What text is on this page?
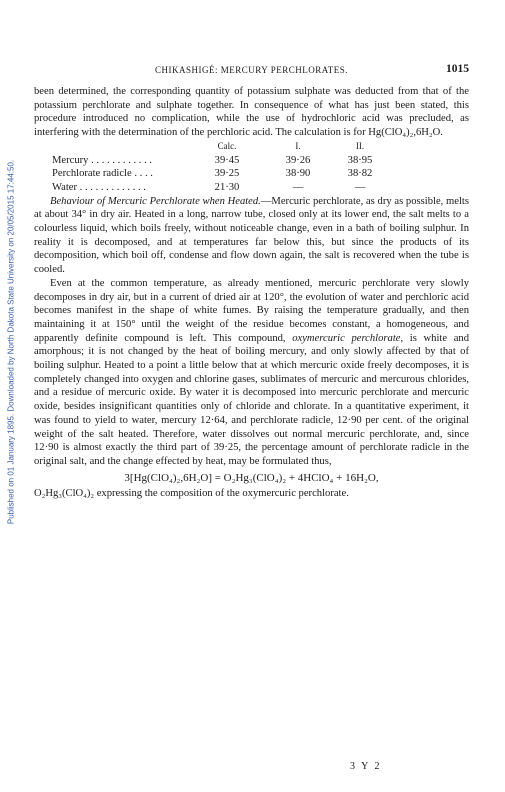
Published on 01 January 1895. Downloaded by North Dakota State University on 20/05/2015 17:44:50.
CHIKASHIGÉ: MERCURY PERCHLORATES.	1015

been determined, the corresponding quantity of potassium sulphate was deducted from that of the potassium perchlorate and sulphate together. In consequence of what has just been stated, this procedure introduced no complication, while the use of hydrochloric acid was precluded, as interfering with the determination of the perchloric acid. The calculation is for Hg(ClO₄)₂,6H₂O.

	Calc.	I.	II.
Mercury . . . . . . . . . . . .	39·45	39·26	38·95
Perchlorate radicle . . . .	39·25	38·90	38·82
Water . . . . . . . . . . . . .	21·30	—	—

Behaviour of Mercuric Perchlorate when Heated.—Mercuric perchlorate, as dry as possible, melts at about 34° in dry air. Heated in a long, narrow tube, closed only at its lower end, the salt melts to a colourless liquid, which boils freely, without noticeable change, even in a bath of boiling sulphur. In reality it is decomposed, and at temperatures far below this, but since the products of its decomposition, which boil off, condense and flow down again, the salt is recovered when the tube is cooled.

Even at the common temperature, as already mentioned, mercuric perchlorate very slowly decomposes in dry air, but in a current of dried air at 120°, the evolution of water and perchloric acid becomes manifest in the shape of white fumes. By raising the temperature gradually, and then maintaining it at 150° until the weight of the residue becomes constant, a homogeneous, and apparently definite compound is left. This compound, oxymercuric perchlorate, is white and amorphous; it is not changed by the heat of boiling mercury, and only slowly affected by that of boiling sulphur. Heated to a point a little below that at which mercuric oxide freely decomposes, it is completely changed into oxygen and chlorine gases, sublimates of mercuric and mercurous chlorides, and a residue of mercuric oxide. By water it is decomposed into mercuric perchlorate and mercuric oxide, besides insignificant quantities only of chloride and chlorate. In a quantitative experiment, it was found to yield to water, mercury 12·64, and perchlorate radicle, 12·90 per cent. of the original weight of the salt heated. Therefore, water dissolves out normal mercuric perchlorate, and, since 12·90 is almost exactly the third part of 39·25, the percentage amount of perchlorate radicle in the original salt, and the change effected by heat, may be formulated thus,

3[Hg(ClO₄)₂,6H₂O] = O₂Hg₃(ClO₄)₂ + 4HClO₄ + 16H₂O,

O₂Hg₃(ClO₄)₂ expressing the composition of the oxymercuric perchlorate.

3 Y 2
